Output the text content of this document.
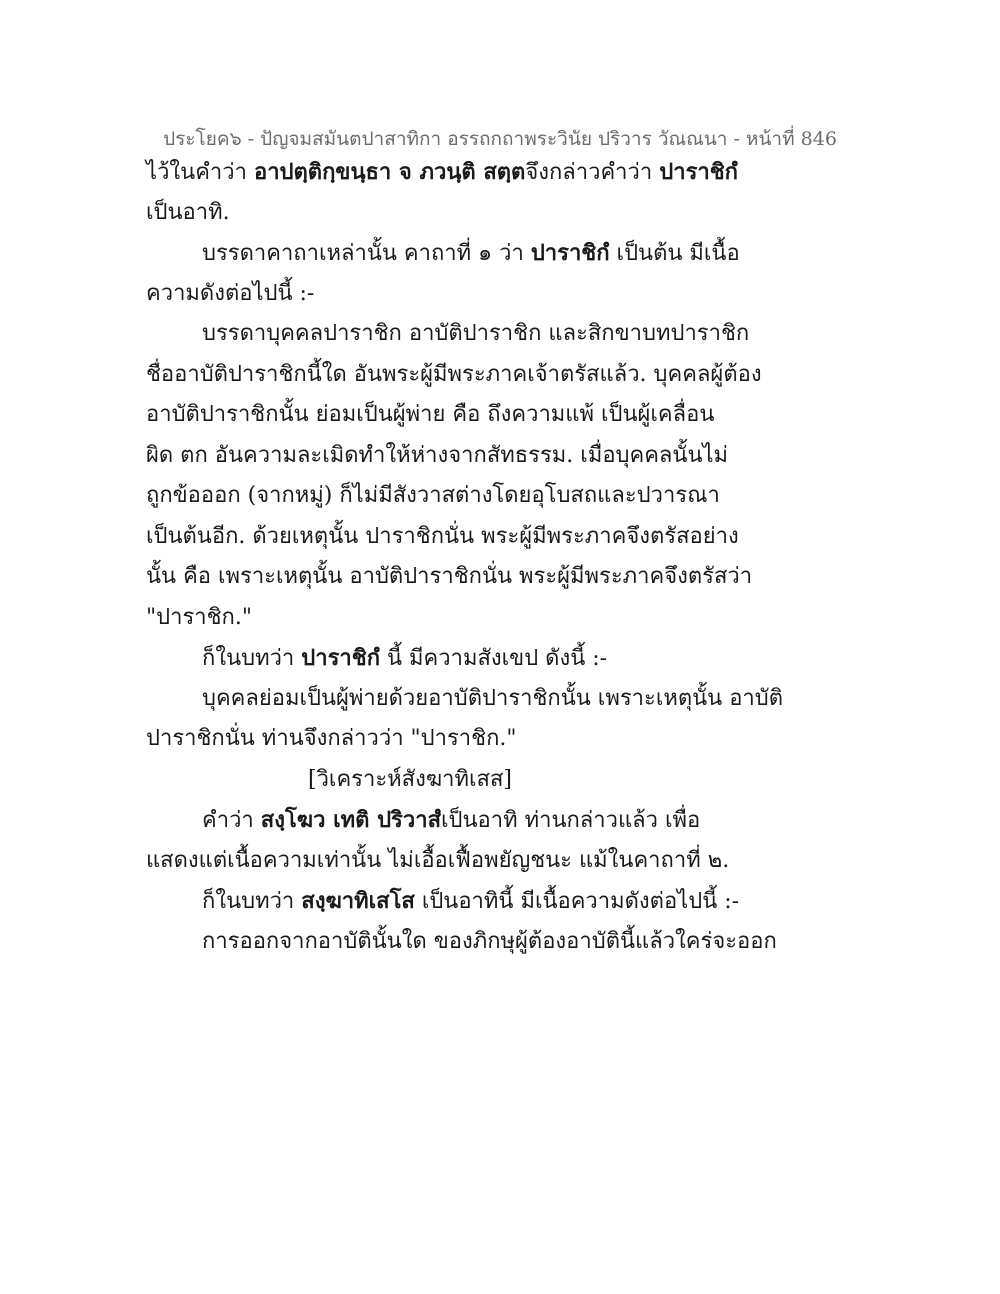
ประโยค๖ - ปัญจมสมันตปาสาทิกา อรรถกถาพระวินัย ปริวาร วัณณนา - หน้าที่ 846
ไว้ในคำว่า อาปตฺติกฺขนฺธา จ ภวนฺติ สตฺตจึงกล่าวคำว่า ปาราชิกํ
เป็นอาทิ.
บรรดาคาถาเหล่านั้น คาถาที่ ๑ ว่า ปาราชิกํ เป็นต้น มีเนื้อ
ความดังต่อไปนี้ :-
บรรดาบุคคลปาราชิก อาบัติปาราชิก และสิกขาบทปาราชิก
ชื่ออาบัติปาราชิกนี้ใด อันพระผู้มีพระภาคเจ้าตรัสแล้ว. บุคคลผู้ต้อง
อาบัติปาราชิกนั้น ย่อมเป็นผู้พ่าย คือ ถึงความแพ้ เป็นผู้เคลื่อน
ผิด ตก อันความละเมิดทำให้ห่างจากสัทธรรม. เมื่อบุคคลนั้นไม่
ถูกข้อออก (จากหมู่) ก็ไม่มีสังวาสต่างโดยอุโบสถและปวารณา
เป็นต้นอีก. ด้วยเหตุนั้น ปาราชิกนั่น พระผู้มีพระภาคจึงตรัสอย่าง
นั้น คือ เพราะเหตุนั้น อาบัติปาราชิกนั่น พระผู้มีพระภาคจึงตรัสว่า
"ปาราชิก."
ก็ในบทว่า ปาราชิกํ นี้ มีความสังเขป ดังนี้ :-
บุคคลย่อมเป็นผู้พ่ายด้วยอาบัติปาราชิกนั้น เพราะเหตุนั้น อาบัติ
ปาราชิกนั่น ท่านจึงกล่าวว่า "ปาราชิก."
[วิเคราะห์สังฆาทิเสส]
คำว่า สงฺโฆว เทติ ปริวาสํเป็นอาทิ ท่านกล่าวแล้ว เพื่อ
แสดงแต่เนื้อความเท่านั้น ไม่เอื้อเฟื้อพยัญชนะ แม้ในคาถาที่ ๒.
ก็ในบทว่า สงฺฆาทิเสโส เป็นอาทินี้ มีเนื้อความดังต่อไปนี้ :-
การออกจากอาบัตินั้นใด ของภิกษุผู้ต้องอาบัตินี้แล้วใคร่จะออก
